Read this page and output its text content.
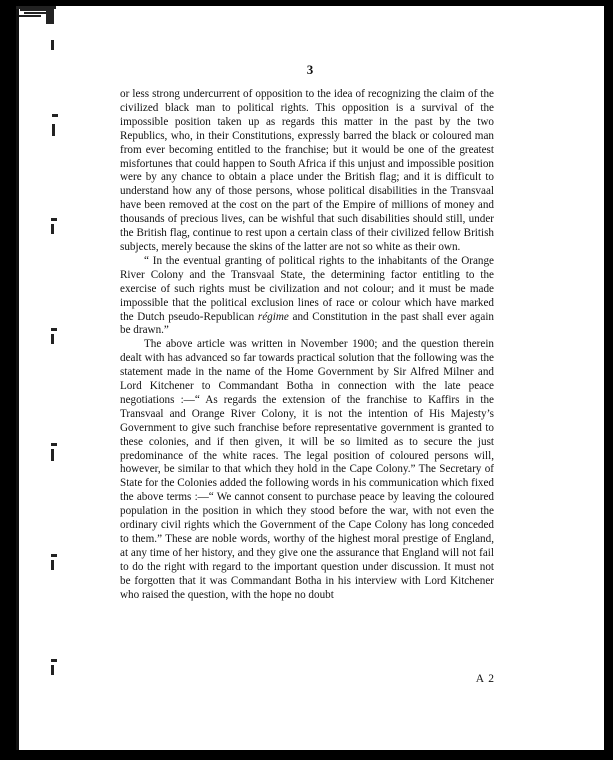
3

or less strong undercurrent of opposition to the idea of recognizing the claim of the civilized black man to political rights. This opposition is a survival of the impossible position taken up as regards this matter in the past by the two Republics, who, in their Constitutions, expressly barred the black or coloured man from ever becoming entitled to the franchise; but it would be one of the greatest misfortunes that could happen to South Africa if this unjust and impossible position were by any chance to obtain a place under the British flag; and it is difficult to understand how any of those persons, whose political disabilities in the Transvaal have been removed at the cost on the part of the Empire of millions of money and thousands of precious lives, can be wishful that such disabilities should still, under the British flag, continue to rest upon a certain class of their civilized fellow British subjects, merely because the skins of the latter are not so white as their own.

“ In the eventual granting of political rights to the inhabitants of the Orange River Colony and the Transvaal State, the determining factor entitling to the exercise of such rights must be civilization and not colour; and it must be made impossible that the political exclusion lines of race or colour which have marked the Dutch pseudo-Republican régime and Constitution in the past shall ever again be drawn.”

The above article was written in November 1900; and the question therein dealt with has advanced so far towards practical solution that the following was the statement made in the name of the Home Government by Sir Alfred Milner and Lord Kitchener to Commandant Botha in connection with the late peace negotiations :—“ As regards the extension of the franchise to Kaffirs in the Transvaal and Orange River Colony, it is not the intention of His Majesty’s Government to give such franchise before representative government is granted to these colonies, and if then given, it will be so limited as to secure the just predominance of the white races. The legal position of coloured persons will, however, be similar to that which they hold in the Cape Colony.” The Secretary of State for the Colonies added the following words in his communication which fixed the above terms :—“ We cannot consent to purchase peace by leaving the coloured population in the position in which they stood before the war, with not even the ordinary civil rights which the Government of the Cape Colony has long conceded to them.” These are noble words, worthy of the highest moral prestige of England, at any time of her history, and they give one the assurance that England will not fail to do the right with regard to the important question under discussion. It must not be forgotten that it was Commandant Botha in his interview with Lord Kitchener who raised the question, with the hope no doubt

A 2
